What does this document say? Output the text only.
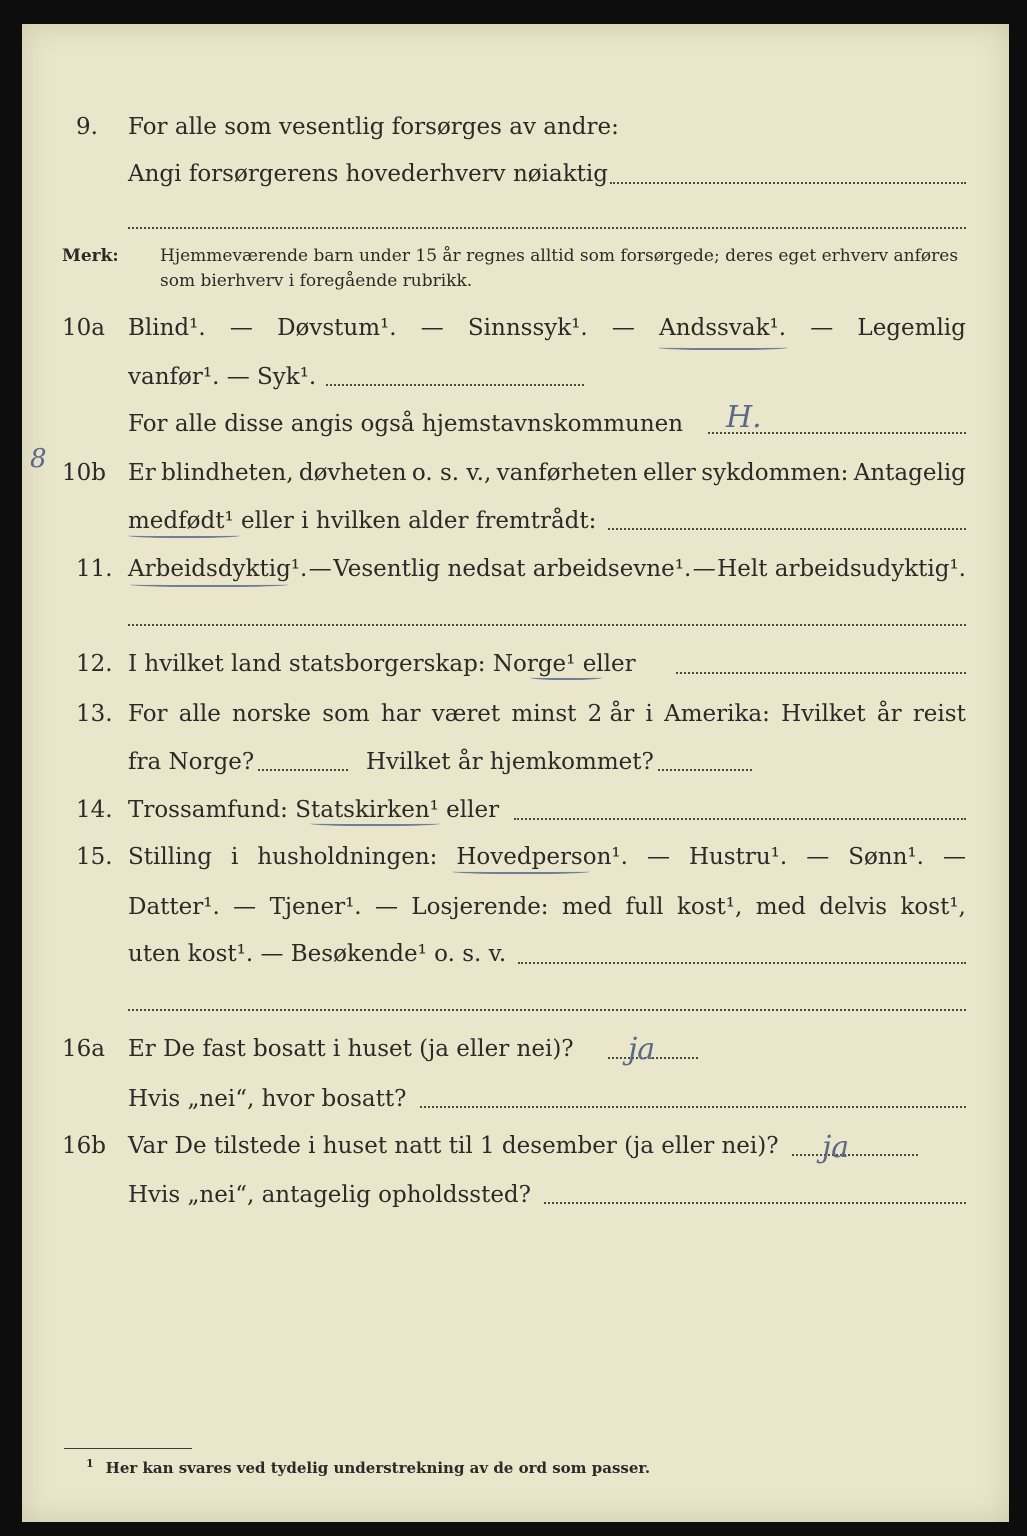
9. For alle som vesentlig forsørges av andre:
Angi forsørgerens hovederhverv nøiaktig
Merk: Hjemmeværende barn under 15 år regnes alltid som forsørgede; deres eget erhverv anføres som bierhverv i foregående rubrikk.
10a Blind¹. — Døvstum¹. — Sinnssyk¹. — Andssvak¹. — Legemlig
vanfør¹. — Syk¹.
For alle disse angis også hjemstavnskommunen H.
8 10b Er blindheten, døvheten o. s. v., vanførheten eller sykdommen: Antagelig
medfødt¹ eller i hvilken alder fremtrådt:
11. Arbeidsdyktig¹. — Vesentlig nedsat arbeidsevne¹. — Helt arbeidsudyktig¹.
12. I hvilket land statsborgerskap: Norge¹ eller
13. For alle norske som har været minst 2 år i Amerika: Hvilket år reist
fra Norge?	Hvilket år hjemkommet?
14. Trossamfund: Statskirken¹ eller
15. Stilling i husholdningen: Hovedperson¹. — Hustru¹. — Sønn¹. —
Datter¹. — Tjener¹. — Losjerende: med full kost¹, med delvis kost¹,
uten kost¹. — Besøkende¹ o. s. v.
16a Er De fast bosatt i huset (ja eller nei)? ja
Hvis „nei“, hvor bosatt?
16b Var De tilstede i huset natt til 1 desember (ja eller nei)? ja
Hvis „nei“, antagelig opholdssted?
$^1$ Her kan svares ved tydelig understrekning av de ord som passer.
